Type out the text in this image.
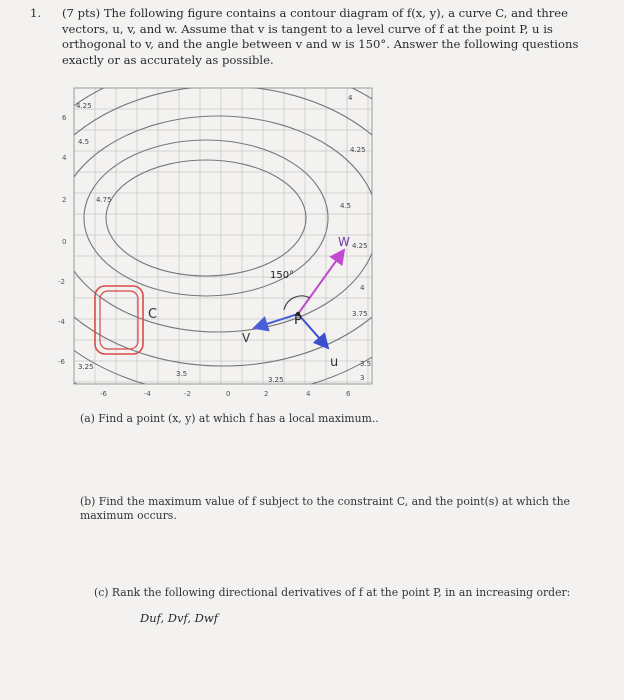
1. (7 pts) The following figure contains a contour diagram of f(x, y), a curve C, and three vectors, u, v, and w. Assume that v is tangent to a level curve of f at the point P, u is orthogonal to v, and the angle between v and w is 150°. Answer the following questions exactly or as accurately as possible.
6
4
2
0
-2
-4
-6
-6	-4	-2	0	2	4	6
4.25
4.5
4.75
4
4.25
4.5
4.25
4
3.75
3.5
3.25
3.5
3.25	3
C
V
W
u
150°
P
(a) Find a point (x, y) at which f has a local maximum..
(b) Find the maximum value of f subject to the constraint C, and the point(s) at which the maximum occurs.
(c) Rank the following directional derivatives of f at the point P, in an increasing order:
Duf, Dvf, Dwf
